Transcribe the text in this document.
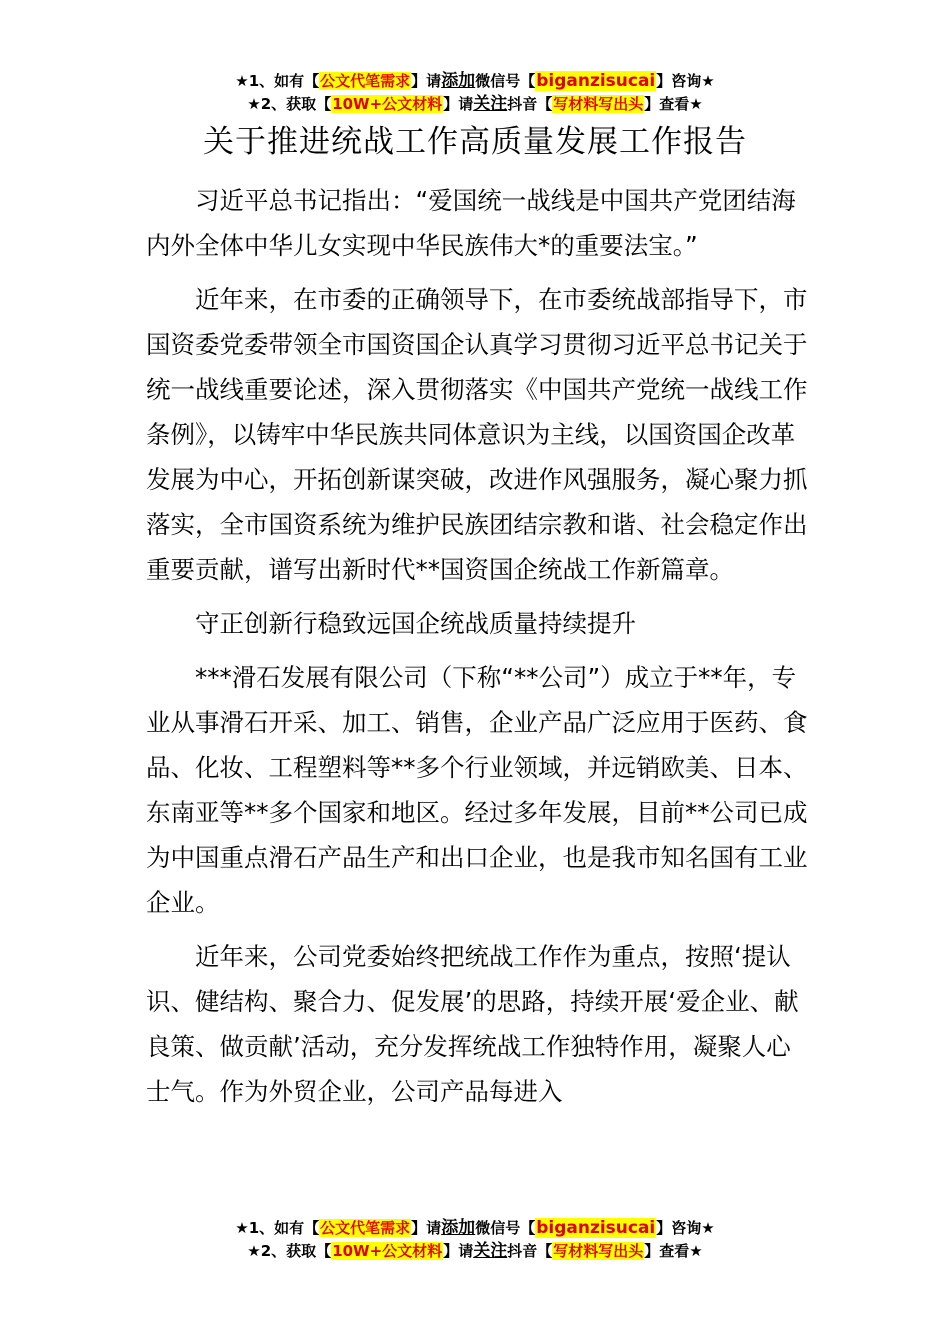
★1、如有【公文代笔需求】请添加微信号【biganzisucai】咨询★
★2、获取【10W+公文材料】请关注抖音【写材料写出头】查看★
关于推进统战工作高质量发展工作报告

习近平总书记指出：“爱国统一战线是中国共产党团结海内外全体中华儿女实现中华民族伟大*的重要法宝。”

近年来，在市委的正确领导下，在市委统战部指导下，市国资委党委带领全市国资国企认真学习贯彻习近平总书记关于统一战线重要论述，深入贯彻落实《中国共产党统一战线工作条例》，以铸牢中华民族共同体意识为主线，以国资国企改革发展为中心，开拓创新谋突破，改进作风强服务，凝心聚力抓落实，全市国资系统为维护民族团结宗教和谐、社会稳定作出重要贡献，谱写出新时代**国资国企统战工作新篇章。

守正创新行稳致远国企统战质量持续提升

***滑石发展有限公司（下称“**公司”）成立于**年，专业从事滑石开采、加工、销售，企业产品广泛应用于医药、食品、化妆、工程塑料等**多个行业领域，并远销欧美、日本、东南亚等**多个国家和地区。经过多年发展，目前**公司已成为中国重点滑石产品生产和出口企业，也是我市知名国有工业企业。

近年来，公司党委始终把统战工作作为重点，按照‘提认识、健结构、聚合力、促发展’的思路，持续开展‘爱企业、献良策、做贡献’活动，充分发挥统战工作独特作用，凝聚人心士气。作为外贸企业，公司产品每进入

★1、如有【公文代笔需求】请添加微信号【biganzisucai】咨询★
★2、获取【10W+公文材料】请关注抖音【写材料写出头】查看★
